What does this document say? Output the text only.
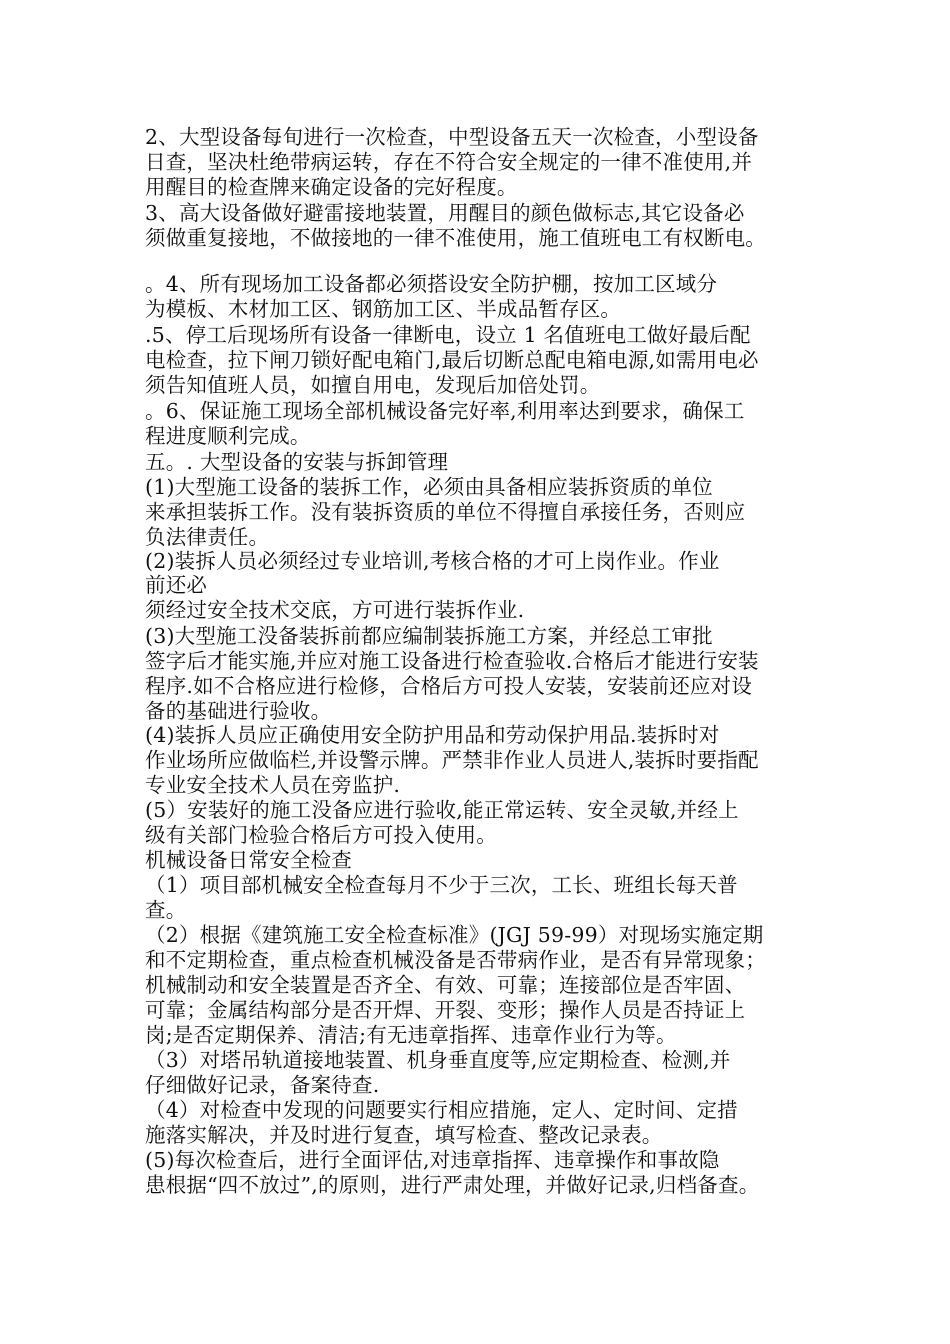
2、大型设备每旬进行一次检查，中型设备五天一次检查，小型设备
日查，坚决杜绝带病运转，存在不符合安全规定的一律不准使用,并
用醒目的检查牌来确定设备的完好程度。
3、高大设备做好避雷接地装置，用醒目的颜色做标志,其它设备必
须做重复接地，不做接地的一律不准使用，施工值班电工有权断电。
。4、所有现场加工设备都必须搭设安全防护棚，按加工区域分
为模板、木材加工区、钢筋加工区、半成品暂存区。
.5、停工后现场所有设备一律断电，设立 1 名值班电工做好最后配
电检查，拉下闸刀锁好配电箱门,最后切断总配电箱电源,如需用电必
须告知值班人员，如擅自用电，发现后加倍处罚。
。6、保证施工现场全部机械设备完好率,利用率达到要求，确保工
程进度顺利完成。
五。. 大型设备的安装与拆卸管理
(1)大型施工设备的装拆工作，必须由具备相应装拆资质的单位
来承担装拆工作。没有装拆资质的单位不得擅自承接任务，否则应
负法律责任。
(2)装拆人员必须经过专业培训,考核合格的才可上岗作业。作业
前还必
须经过安全技术交底，方可进行装拆作业.
(3)大型施工没备装拆前都应编制装拆施工方案，并经总工审批
签字后才能实施,并应对施工设备进行检查验收.合格后才能进行安装
程序.如不合格应进行检修，合格后方可投人安装，安装前还应对设
备的基础进行验收。
(4)装拆人员应正确使用安全防护用品和劳动保护用品.装拆时对
作业场所应做临栏,并设警示牌。严禁非作业人员进人,装拆时要指配
专业安全技术人员在旁监护.
(5）安装好的施工没备应进行验收,能正常运转、安全灵敏,并经上
级有关部门检验合格后方可投入使用。
机械设备日常安全检查
（1）项目部机械安全检查每月不少于三次，工长、班组长每天普
查。
（2）根据《建筑施工安全检查标准》(JGJ 59-99）对现场实施定期
和不定期检查，重点检查机械没备是否带病作业，是否有异常现象；
机械制动和安全装置是否齐全、有效、可靠；连接部位是否牢固、
可靠；金属结构部分是否开焊、开裂、变形；操作人员是否持证上
岗;是否定期保养、清洁;有无违章指挥、违章作业行为等。
（3）对塔吊轨道接地装置、机身垂直度等,应定期检查、检测,并
仔细做好记录，备案待查.
（4）对检查中发现的问题要实行相应措施，定人、定时间、定措
施落实解决，并及时进行复查，填写检查、整改记录表。
(5)每次检查后，进行全面评估,对违章指挥、违章操作和事故隐
患根据“四不放过”,的原则，进行严肃处理，并做好记录,归档备查。
